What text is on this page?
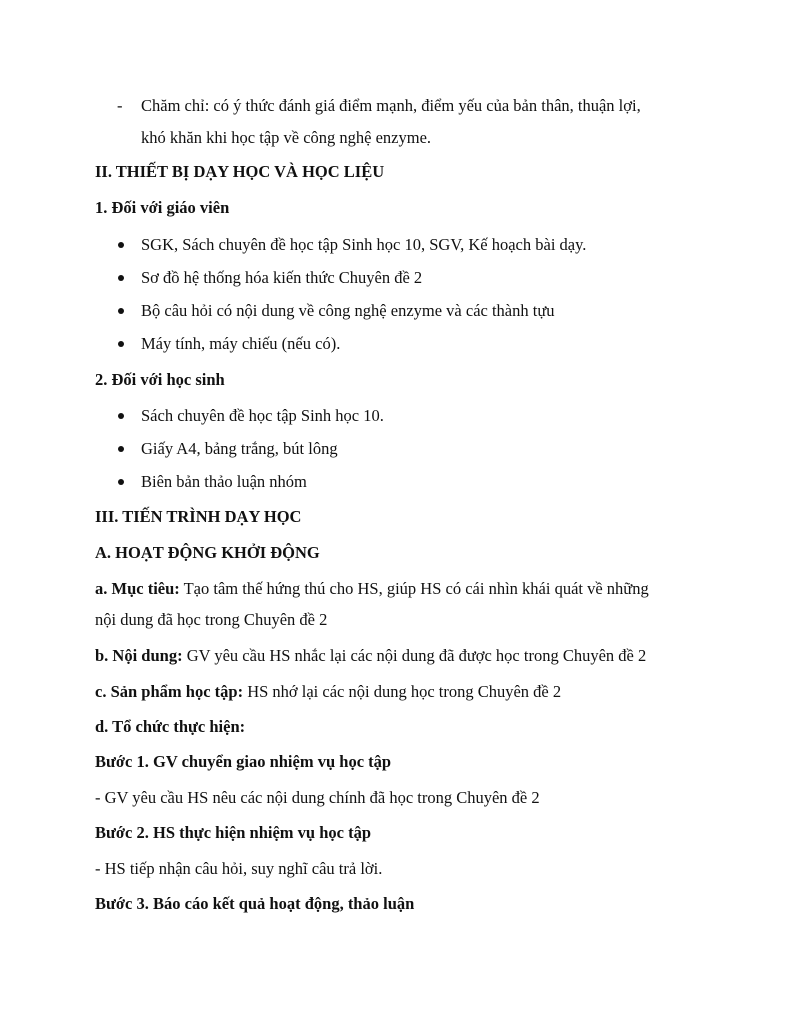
- Chăm chỉ: có ý thức đánh giá điểm mạnh, điểm yếu của bản thân, thuận lợi,
khó khăn khi học tập về công nghệ enzyme.
II. THIẾT BỊ DẠY HỌC VÀ HỌC LIỆU
1. Đối với giáo viên
SGK, Sách chuyên đề học tập Sinh học 10, SGV, Kế hoạch bài dạy.
Sơ đồ hệ thống hóa kiến thức Chuyên đề 2
Bộ câu hỏi có nội dung về công nghệ enzyme và các thành tựu
Máy tính, máy chiếu (nếu có).
2. Đối với học sinh
Sách chuyên đề học tập Sinh học 10.
Giấy A4, bảng trắng, bút lông
Biên bản thảo luận nhóm
III. TIẾN TRÌNH DẠY HỌC
A. HOẠT ĐỘNG KHỞI ĐỘNG
a. Mục tiêu: Tạo tâm thế hứng thú cho HS, giúp HS có cái nhìn khái quát về những
nội dung đã học trong Chuyên đề 2
b. Nội dung: GV yêu cầu HS nhắc lại các nội dung đã được học trong Chuyên đề 2
c. Sản phẩm học tập: HS nhớ lại các nội dung học trong Chuyên đề 2
d. Tổ chức thực hiện:
Bước 1. GV chuyển giao nhiệm vụ học tập
- GV yêu cầu HS nêu các nội dung chính đã học trong Chuyên đề 2
Bước 2. HS thực hiện nhiệm vụ học tập
- HS tiếp nhận câu hỏi, suy nghĩ câu trả lời.
Bước 3. Báo cáo kết quả hoạt động, thảo luận
